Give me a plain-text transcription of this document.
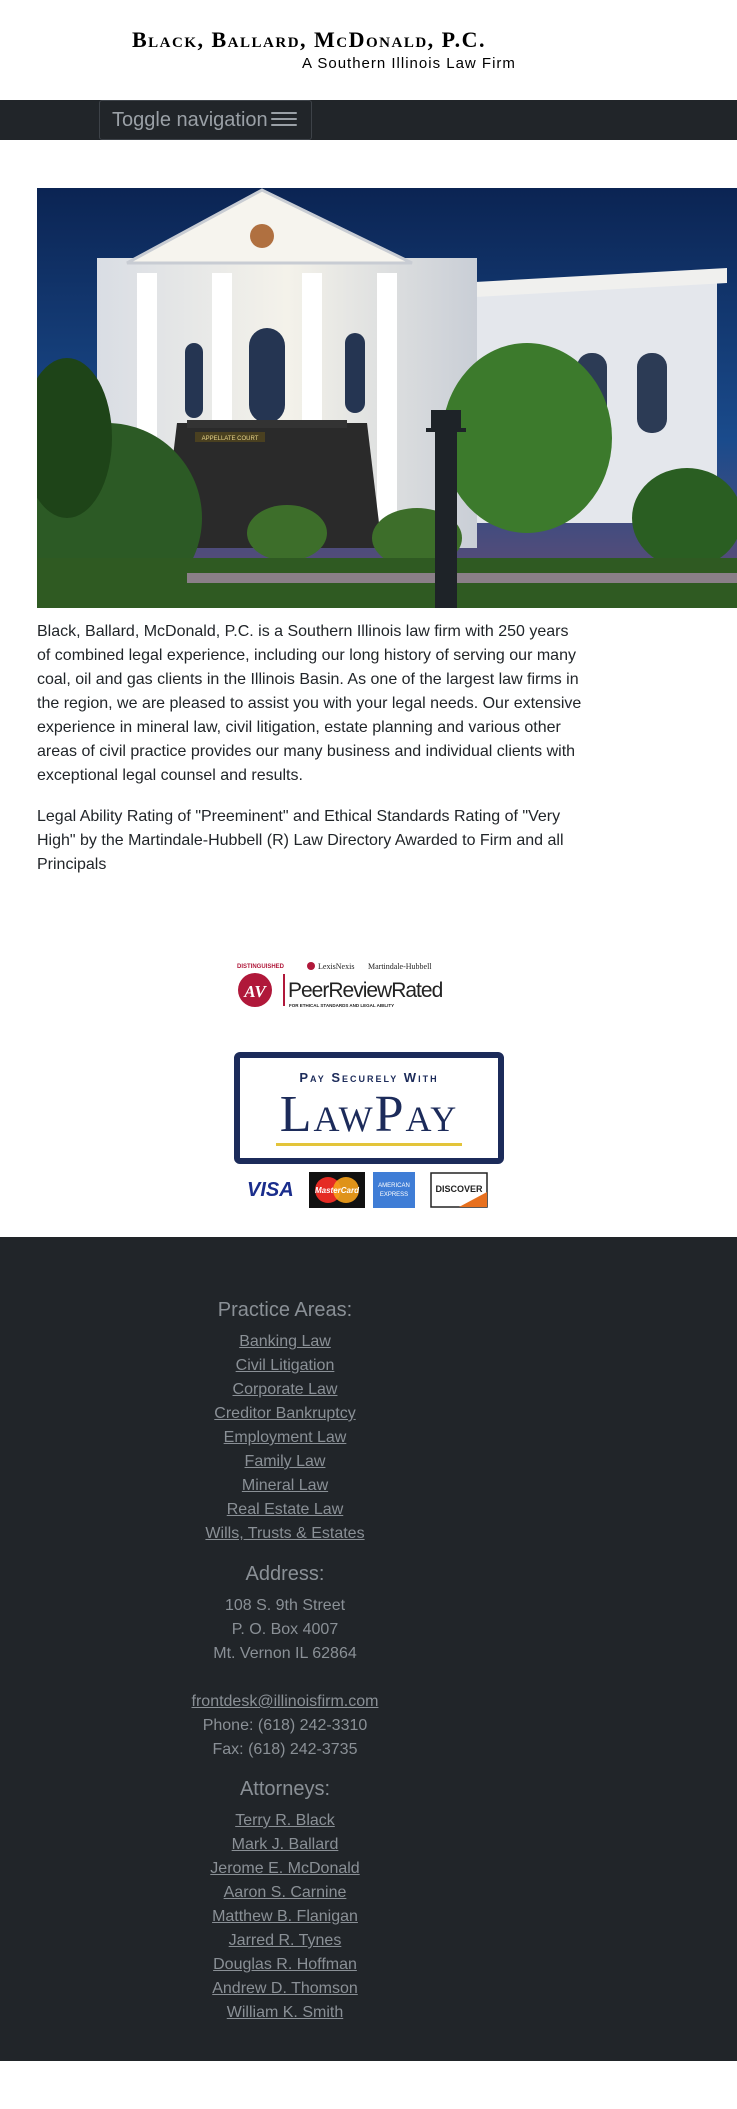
Black, Ballard, McDonald, P.C.
A Southern Illinois Law Firm
Toggle navigation
APPELLATE COURT

Black, Ballard, McDonald, P.C. is a Southern Illinois law firm with 250 years of combined legal experience, including our long history of serving our many coal, oil and gas clients in the Illinois Basin. As one of the largest law firms in the region, we are pleased to assist you with your legal needs. Our extensive experience in mineral law, civil litigation, estate planning and various other areas of civil practice provides our many business and individual clients with exceptional legal counsel and results.

Legal Ability Rating of "Preeminent" and Ethical Standards Rating of "Very High" by the Martindale-Hubbell (R) Law Directory Awarded to Firm and all Principals

DISTINGUISHED	LexisNexis Martindale-Hubbell
AV PeerReviewRated
FOR ETHICAL STANDARDS AND LEGAL ABILITY
Pay Securely With
LawPay
VISA	MasterCard	AMERICAN EXPRESS
DISCOVER
Practice Areas:
Banking Law
Civil Litigation
Corporate Law
Creditor Bankruptcy
Employment Law
Family Law
Mineral Law
Real Estate Law
Wills, Trusts & Estates
Address:
108 S. 9th Street
P. O. Box 4007
Mt. Vernon IL 62864
frontdesk@illinoisfirm.com
Phone: (618) 242-3310
Fax: (618) 242-3735
Attorneys:
Terry R. Black
Mark J. Ballard
Jerome E. McDonald
Aaron S. Carnine
Matthew B. Flanigan
Jarred R. Tynes
Douglas R. Hoffman
Andrew D. Thomson
William K. Smith
